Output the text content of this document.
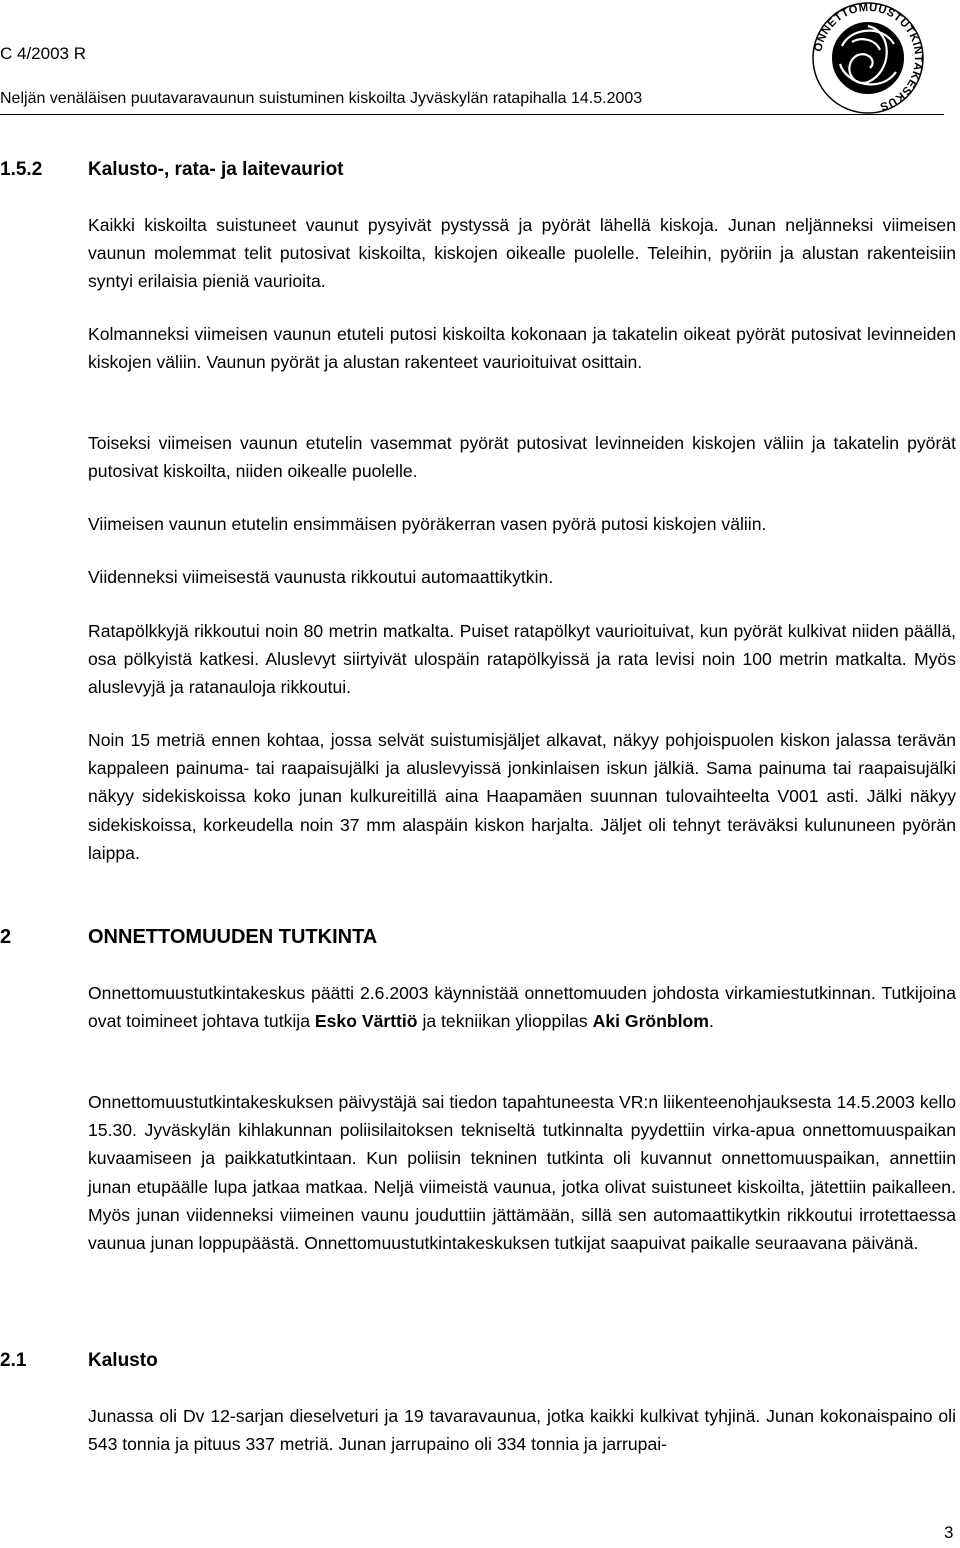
C 4/2003 R
Neljän venäläisen puutavaravaunun suistuminen kiskoilta Jyväskylän ratapihalla 14.5.2003
ONNETTOMUUSTUTKINTAKESKUS
1.5.2 Kalusto-, rata- ja laitevauriot

Kaikki kiskoilta suistuneet vaunut pysyivät pystyssä ja pyörät lähellä kiskoja. Junan neljänneksi viimeisen vaunun molemmat telit putosivat kiskoilta, kiskojen oikealle puolelle. Teleihin, pyöriin ja alustan rakenteisiin syntyi erilaisia pieniä vaurioita.

Kolmanneksi viimeisen vaunun etuteli putosi kiskoilta kokonaan ja takatelin oikeat pyörät putosivat levinneiden kiskojen väliin. Vaunun pyörät ja alustan rakenteet vaurioituivat osittain.

Toiseksi viimeisen vaunun etutelin vasemmat pyörät putosivat levinneiden kiskojen väliin ja takatelin pyörät putosivat kiskoilta, niiden oikealle puolelle.

Viimeisen vaunun etutelin ensimmäisen pyöräkerran vasen pyörä putosi kiskojen väliin.

Viidenneksi viimeisestä vaunusta rikkoutui automaattikytkin.

Ratapölkkyjä rikkoutui noin 80 metrin matkalta. Puiset ratapölkyt vaurioituivat, kun pyörät kulkivat niiden päällä, osa pölkyistä katkesi. Aluslevyt siirtyivät ulospäin ratapölkyissä ja rata levisi noin 100 metrin matkalta. Myös aluslevyjä ja ratanauloja rikkoutui.

Noin 15 metriä ennen kohtaa, jossa selvät suistumisjäljet alkavat, näkyy pohjoispuolen kiskon jalassa terävän kappaleen painuma- tai raapaisujälki ja aluslevyissä jonkinlaisen iskun jälkiä. Sama painuma tai raapaisujälki näkyy sidekiskoissa koko junan kulkureitillä aina Haapamäen suunnan tulovaihteelta V001 asti. Jälki näkyy sidekiskoissa, korkeudella noin 37 mm alaspäin kiskon harjalta. Jäljet oli tehnyt teräväksi kulununeen pyörän laippa.

2	ONNETTOMUUDEN TUTKINTA

Onnettomuustutkintakeskus päätti 2.6.2003 käynnistää onnettomuuden johdosta virkamiestutkinnan. Tutkijoina ovat toimineet johtava tutkija Esko Värttiö ja tekniikan ylioppilas Aki Grönblom.

Onnettomuustutkintakeskuksen päivystäjä sai tiedon tapahtuneesta VR:n liikenteenohjauksesta 14.5.2003 kello 15.30. Jyväskylän kihlakunnan poliisilaitoksen tekniseltä tutkinnalta pyydettiin virka-apua onnettomuuspaikan kuvaamiseen ja paikkatutkintaan. Kun poliisin tekninen tutkinta oli kuvannut onnettomuuspaikan, annettiin junan etupäälle lupa jatkaa matkaa. Neljä viimeistä vaunua, jotka olivat suistuneet kiskoilta, jätettiin paikalleen. Myös junan viidenneksi viimeinen vaunu jouduttiin jättämään, sillä sen automaattikytkin rikkoutui irrotettaessa vaunua junan loppupäästä. Onnettomuustutkintakeskuksen tutkijat saapuivat paikalle seuraavana päivänä.

2.1	Kalusto

Junassa oli Dv 12-sarjan dieselveturi ja 19 tavaravaunua, jotka kaikki kulkivat tyhjinä. Junan kokonaispaino oli 543 tonnia ja pituus 337 metriä. Junan jarrupaino oli 334 tonnia ja jarrupai-

3
